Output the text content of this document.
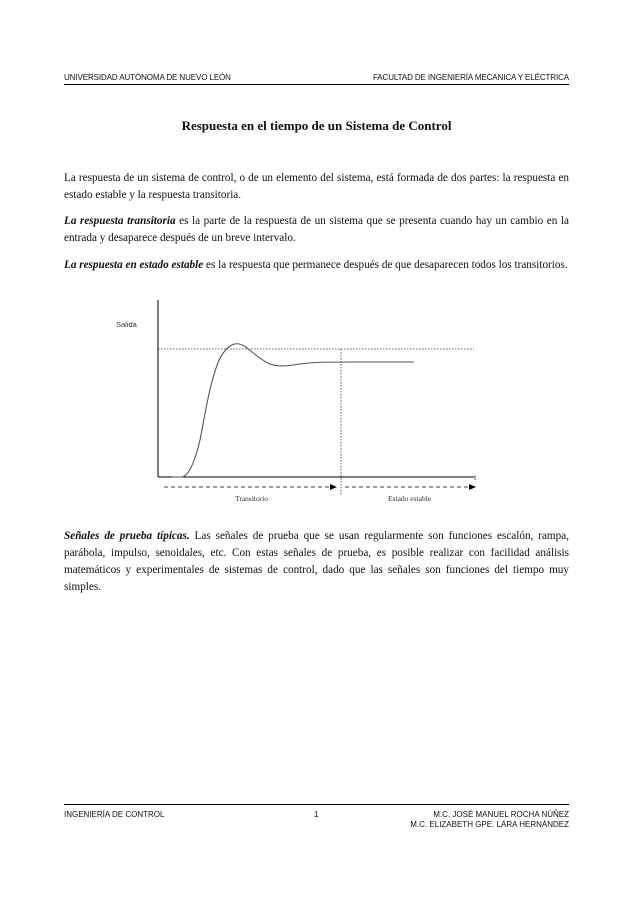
UNIVERSIDAD AUTÓNOMA DE NUEVO LEÓN	FACULTAD DE INGENIERÍA MECANICA Y ELÉCTRICA
Respuesta en el tiempo de un Sistema de Control

La respuesta de un sistema de control, o de un elemento del sistema, está formada de dos partes: la respuesta en estado estable y la respuesta transitoria.

La respuesta transitoria es la parte de la respuesta de un sistema que se presenta cuando hay un cambio en la entrada y desaparece después de un breve intervalo.

La respuesta en estado estable es la respuesta que permanece después de que desaparecen todos los transitorios.

Salida
t
Transitorio	Estado estable

Señales de prueba típicas. Las señales de prueba que se usan regularmente son funciones escalón, rampa, parábola, impulso, senoidales, etc. Con estas señales de prueba, es posible realizar con facilidad análisis matemáticos y experimentales de sistemas de control, dado que las señales son funciones del tiempo muy simples.

INGENIERÍA DE CONTROL	1	M.C. JOSÉ MANUEL ROCHA NÚÑEZ
M.C. ELIZABETH GPE. LARA HERNÁNDEZ
